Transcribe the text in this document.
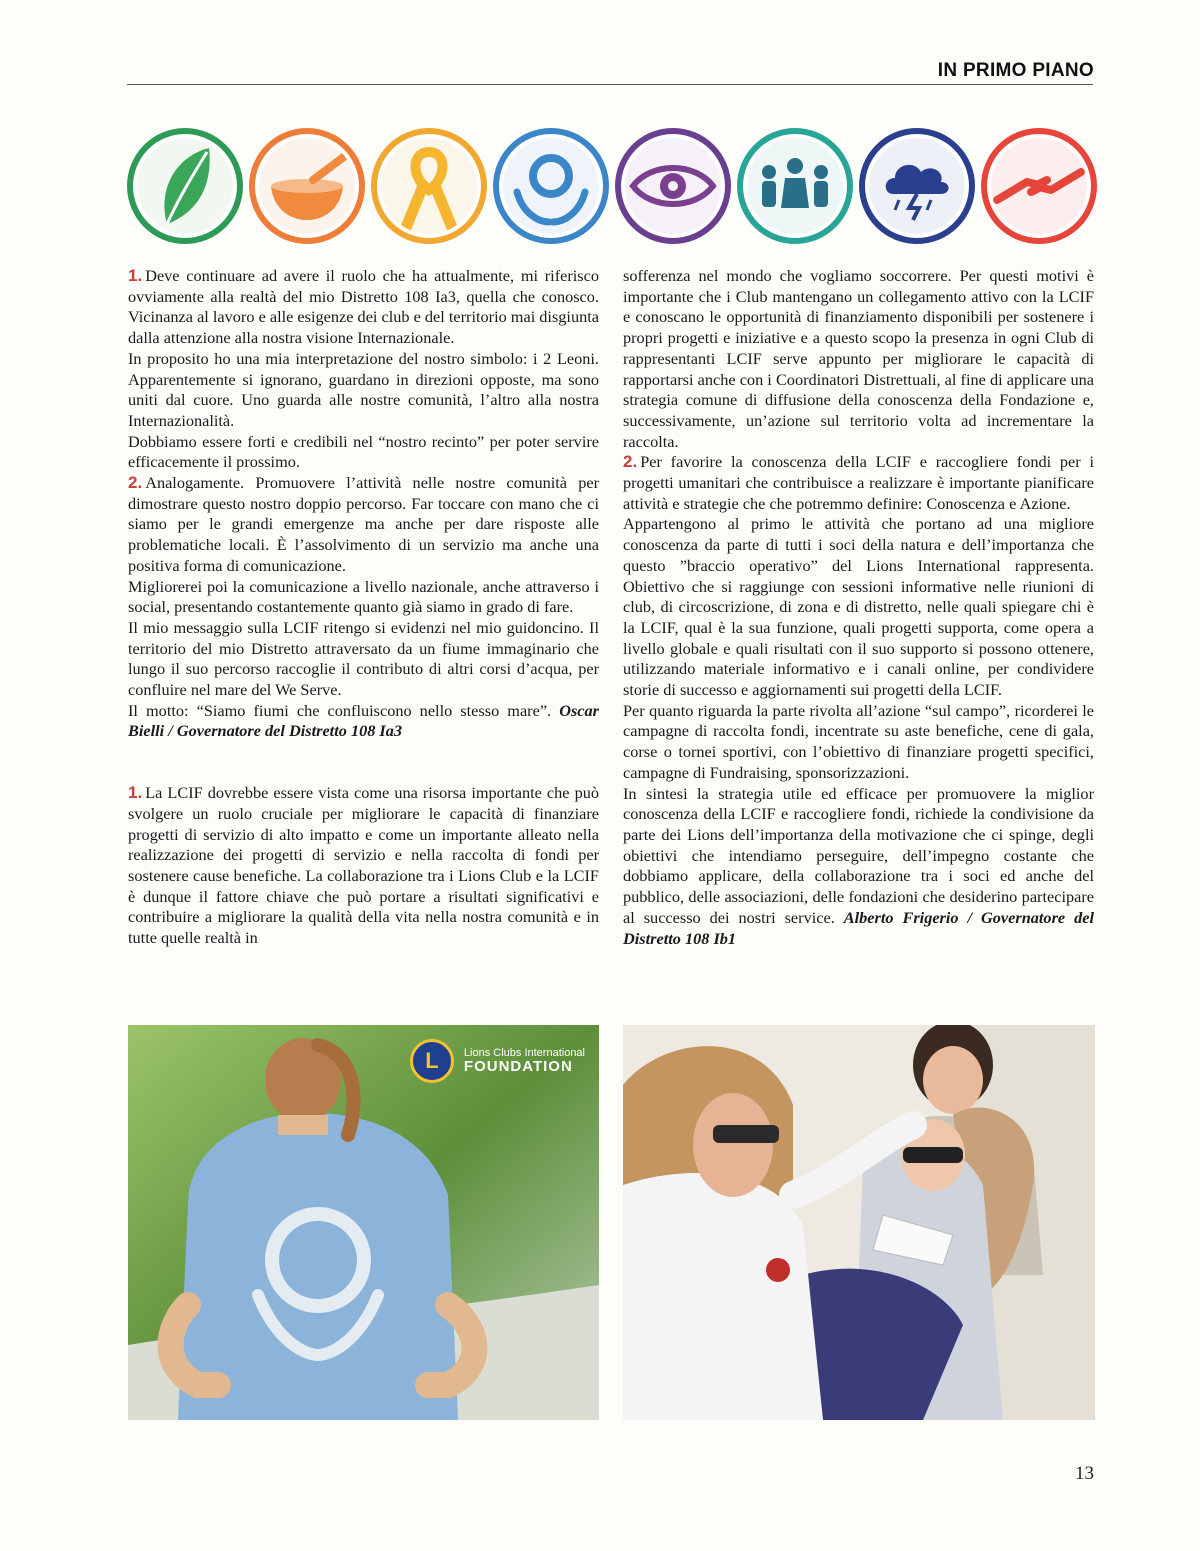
IN PRIMO PIANO

1. Deve continuare ad avere il ruolo che ha attualmente, mi riferisco ovviamente alla realtà del mio Distretto 108 Ia3, quella che conosco. Vicinanza al lavoro e alle esigenze dei club e del territorio mai disgiunta dalla attenzione alla nostra visione Internazionale.

In proposito ho una mia interpretazione del nostro simbolo: i 2 Leoni. Apparentemente si ignorano, guardano in direzioni opposte, ma sono uniti dal cuore. Uno guarda alle nostre comunità, l’altro alla nostra Internazionalità.

Dobbiamo essere forti e credibili nel “nostro recinto” per poter servire efficacemente il prossimo.

2. Analogamente. Promuovere l’attività nelle nostre comunità per dimostrare questo nostro doppio percorso. Far toccare con mano che ci siamo per le grandi emergenze ma anche per dare risposte alle problematiche locali. È l’assolvimento di un servizio ma anche una positiva forma di comunicazione.

Migliorerei poi la comunicazione a livello nazionale, anche attraverso i social, presentando costantemente quanto già siamo in grado di fare.

Il mio messaggio sulla LCIF ritengo si evidenzi nel mio guidoncino. Il territorio del mio Distretto attraversato da un fiume immaginario che lungo il suo percorso raccoglie il contributo di altri corsi d’acqua, per confluire nel mare del We Serve.

Il motto: “Siamo fiumi che confluiscono nello stesso mare”. Oscar Bielli / Governatore del Distretto 108 Ia3

1. La LCIF dovrebbe essere vista come una risorsa importante che può svolgere un ruolo cruciale per migliorare le capacità di finanziare progetti di servizio di alto impatto e come un importante alleato nella realizzazione dei progetti di servizio e nella raccolta di fondi per sostenere cause benefiche. La collaborazione tra i Lions Club e la LCIF è dunque il fattore chiave che può portare a risultati significativi e contribuire a migliorare la qualità della vita nella nostra comunità e in tutte quelle realtà in

sofferenza nel mondo che vogliamo soccorrere. Per questi motivi è importante che i Club mantengano un collegamento attivo con la LCIF e conoscano le opportunità di finanziamento disponibili per sostenere i propri progetti e iniziative e a questo scopo la presenza in ogni Club di rappresentanti LCIF serve appunto per migliorare le capacità di rapportarsi anche con i Coordinatori Distrettuali, al fine di applicare una strategia comune di diffusione della conoscenza della Fondazione e, successivamente, un’azione sul territorio volta ad incrementare la raccolta.

2. Per favorire la conoscenza della LCIF e raccogliere fondi per i progetti umanitari che contribuisce a realizzare è importante pianificare attività e strategie che che potremmo definire: Conoscenza e Azione.

Appartengono al primo le attività che portano ad una migliore conoscenza da parte di tutti i soci della natura e dell’importanza che questo ”braccio operativo” del Lions International rappresenta. Obiettivo che si raggiunge con sessioni informative nelle riunioni di club, di circoscrizione, di zona e di distretto, nelle quali spiegare chi è la LCIF, qual è la sua funzione, quali progetti supporta, come opera a livello globale e quali risultati con il suo supporto si possono ottenere, utilizzando materiale informativo e i canali online, per condividere storie di successo e aggiornamenti sui progetti della LCIF.

Per quanto riguarda la parte rivolta all’azione “sul campo”, ricorderei le campagne di raccolta fondi, incentrate su aste benefiche, cene di gala, corse o tornei sportivi, con l’obiettivo di finanziare progetti specifici, campagne di Fundraising, sponsorizzazioni.

In sintesi la strategia utile ed efficace per promuovere la miglior conoscenza della LCIF e raccogliere fondi, richiede la condivisione da parte dei Lions dell’importanza della motivazione che ci spinge, degli obiettivi che intendiamo perseguire, dell’impegno costante che dobbiamo applicare, della collaborazione tra i soci ed anche del pubblico, delle associazioni, delle fondazioni che desiderino partecipare al successo dei nostri service. Alberto Frigerio / Governatore del Distretto 108 Ib1

L	Lions Clubs International
FOUNDATION
13
